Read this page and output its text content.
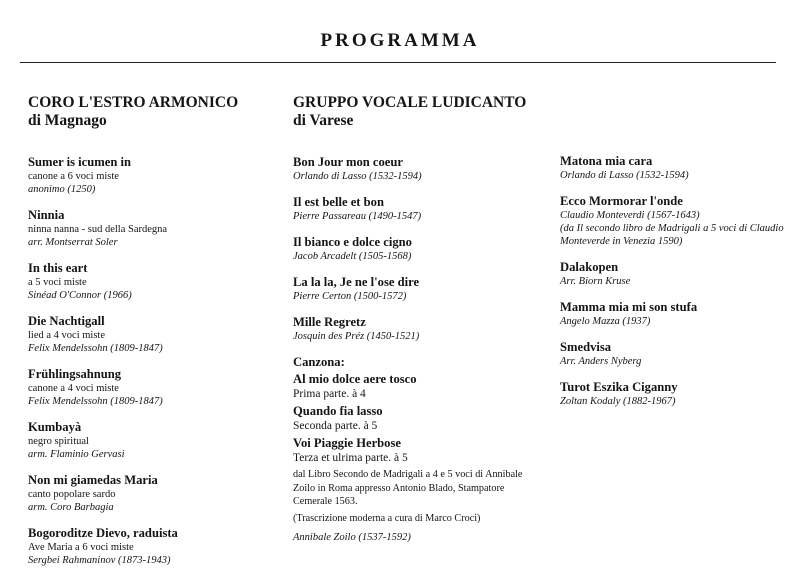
PROGRAMMA
CORO L'ESTRO ARMONICO
di Magnago
Sumer is icumen in
canone a 6 voci miste
anonimo (1250)
Ninnia
ninna nanna - sud della Sardegna
arr. Montserrat Soler
In this eart
a 5 voci miste
Sinéad O'Connor (1966)
Die Nachtigall
lied a 4 voci miste
Felix Mendelssohn (1809-1847)
Frühlingsahnung
canone a 4 voci miste
Felix Mendelssohn (1809-1847)
Kumbayà
negro spiritual
arm. Flaminio Gervasi
Non mi giamedas Maria
canto popolare sardo
arm. Coro Barbagia
Bogoroditze Dievo, raduista
Ave Maria a 6 voci miste
Sergbei Rahmaninov (1873-1943)
GRUPPO VOCALE LUDICANTO
di Varese
Bon Jour mon coeur
Orlando di Lasso (1532-1594)
Il est belle et bon
Pierre Passareau (1490-1547)
Il bianco e dolce cigno
Jacob Arcadelt (1505-1568)
La la la, Je ne l'ose dire
Pierre Certon (1500-1572)
Mille Regretz
Josquin des Préz (1450-1521)
Canzona:
Al mio dolce aere tosco
Prima parte. à 4
Quando fia lasso
Seconda parte. à 5
Voi Piaggie Herbose
Terza et ulrima parte. à 5
dal Libro Secondo de Madrigali a 4 e 5 voci di Annibale Zoilo in Roma appresso Antonio Blado, Stampatore Cemerale 1563.
(Trascrizione moderna a cura di Marco Croci)
Annibale Zoilo (1537-1592)
Matona mia cara
Orlando di Lasso (1532-1594)
Ecco Mormorar l'onde
Claudio Monteverdi (1567-1643)
(da Il secondo libro de Madrigali a 5 voci di Claudio Monteverde in Venezia 1590)
Dalakopen
Arr. Biorn Kruse
Mamma mia mi son stufa
Angelo Mazza (1937)
Smedvisa
Arr. Anders Nyberg
Turot Eszika Ciganny
Zoltan Kodaly (1882-1967)
